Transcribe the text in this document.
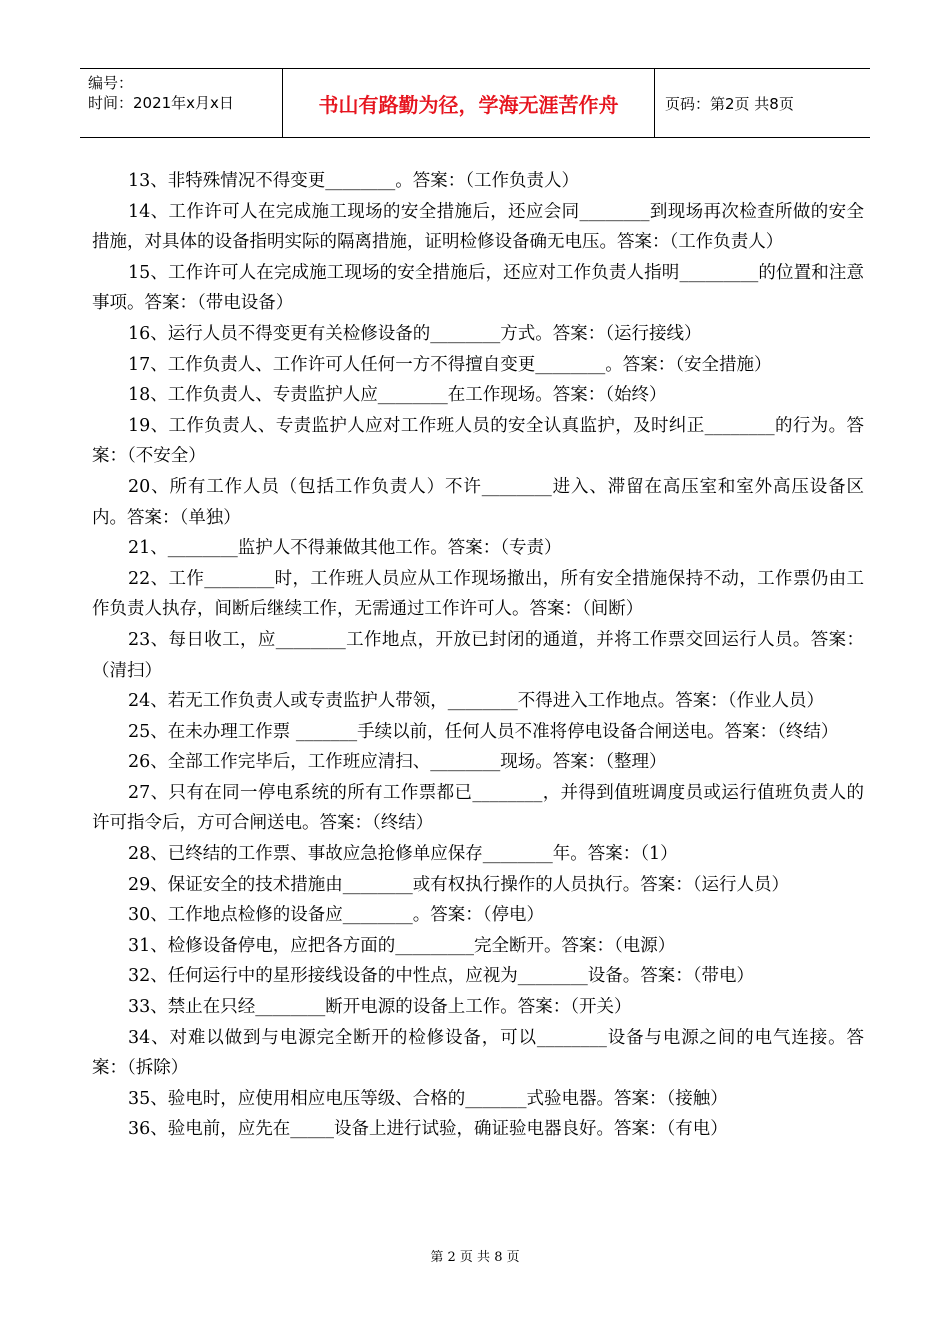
编号：
时间：2021年x月x日	书山有路勤为径，学海无涯苦作舟	页码：第2页 共8页

13、非特殊情况不得变更________。答案：（工作负责人）

14、工作许可人在完成施工现场的安全措施后，还应会同________到现场再次检查所做的安全措施，对具体的设备指明实际的隔离措施，证明检修设备确无电压。答案：（工作负责人）

15、工作许可人在完成施工现场的安全措施后，还应对工作负责人指明_________的位置和注意事项。答案：（带电设备）

16、运行人员不得变更有关检修设备的________方式。答案：（运行接线）

17、工作负责人、工作许可人任何一方不得擅自变更________。答案：（安全措施）

18、工作负责人、专责监护人应________在工作现场。答案：（始终）

19、工作负责人、专责监护人应对工作班人员的安全认真监护，及时纠正________的行为。答案：（不安全）

20、所有工作人员（包括工作负责人）不许________进入、滞留在高压室和室外高压设备区内。答案：（单独）

21、________监护人不得兼做其他工作。答案：（专责）

22、工作________时，工作班人员应从工作现场撤出，所有安全措施保持不动，工作票仍由工作负责人执存，间断后继续工作，无需通过工作许可人。答案：（间断）

23、每日收工，应________工作地点，开放已封闭的通道，并将工作票交回运行人员。答案：（清扫）

24、若无工作负责人或专责监护人带领，________不得进入工作地点。答案：（作业人员）

25、在未办理工作票 _______手续以前，任何人员不准将停电设备合闸送电。答案：（终结）

26、全部工作完毕后，工作班应清扫、________现场。答案：（整理）

27、只有在同一停电系统的所有工作票都已________，并得到值班调度员或运行值班负责人的许可指令后，方可合闸送电。答案：（终结）

28、已终结的工作票、事故应急抢修单应保存________年。答案：（1）

29、保证安全的技术措施由________或有权执行操作的人员执行。答案：（运行人员）

30、工作地点检修的设备应________。答案：（停电）

31、检修设备停电，应把各方面的_________完全断开。答案：（电源）

32、任何运行中的星形接线设备的中性点，应视为________设备。答案：（带电）

33、禁止在只经________断开电源的设备上工作。答案：（开关）

34、对难以做到与电源完全断开的检修设备，可以________设备与电源之间的电气连接。答案：（拆除）

35、验电时，应使用相应电压等级、合格的_______式验电器。答案：（接触）

36、验电前，应先在_____设备上进行试验，确证验电器良好。答案：（有电）

第 2 页 共 8 页
